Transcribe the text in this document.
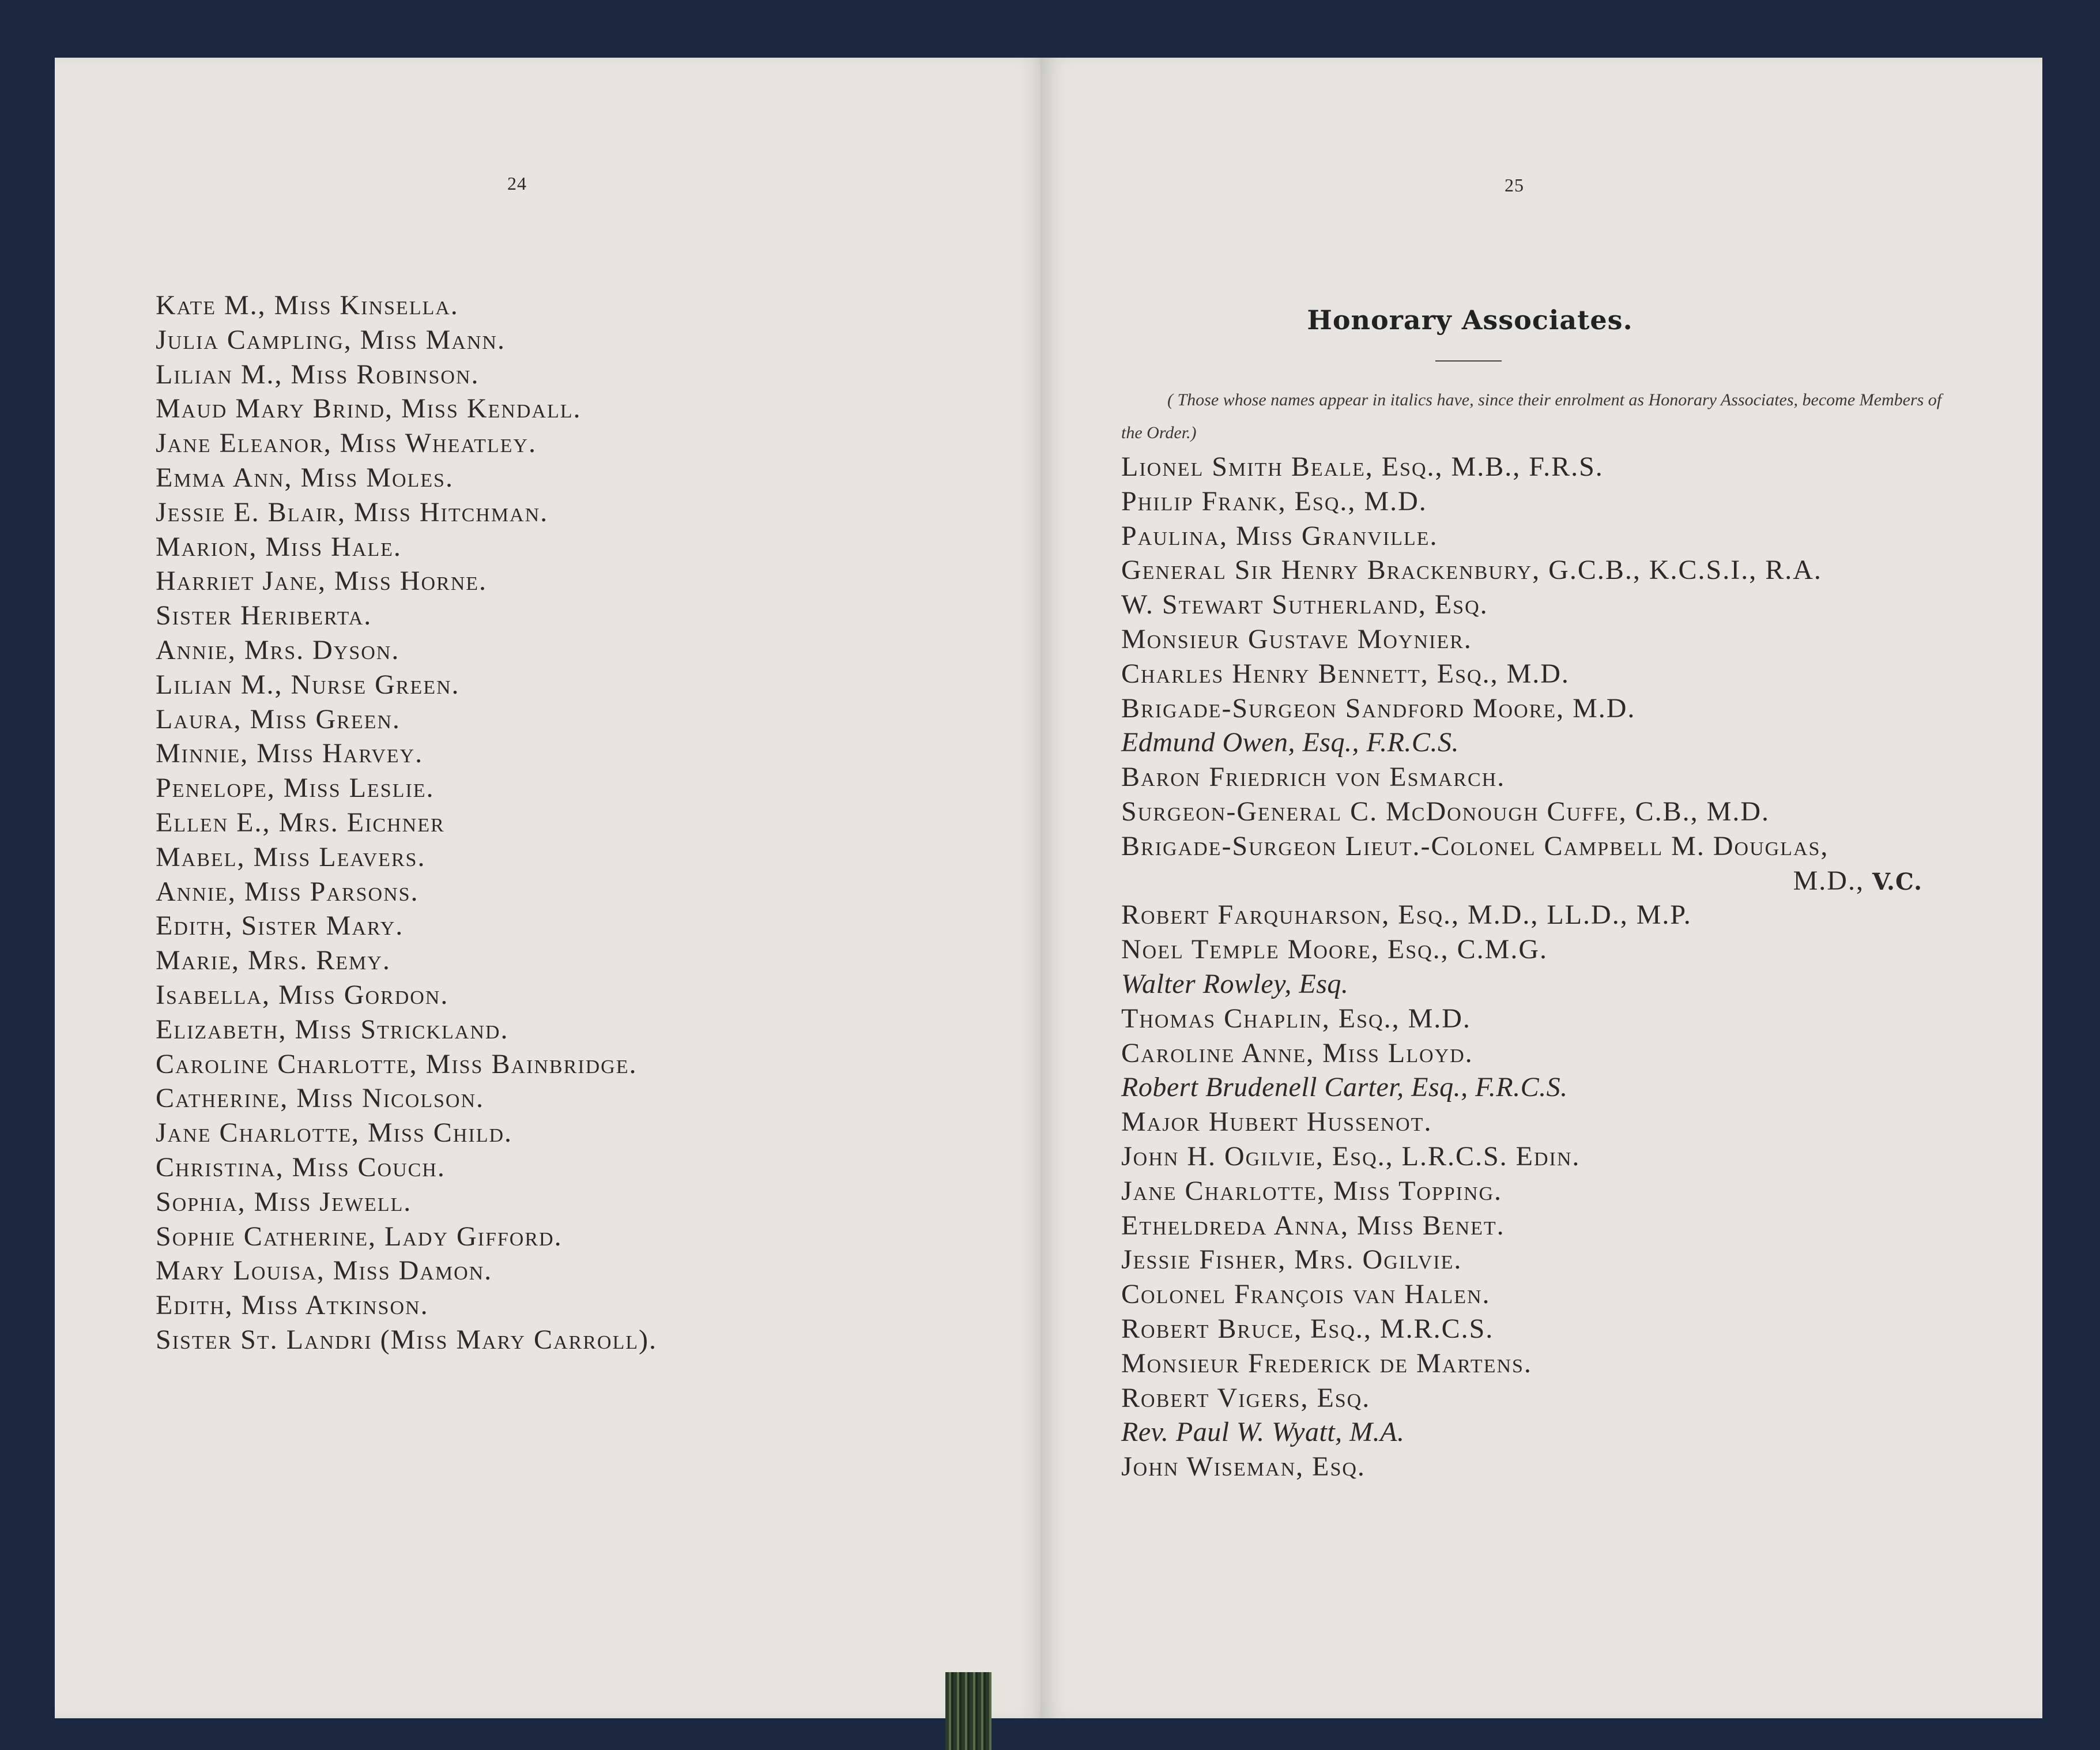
24
Kate M., Miss Kinsella.
Julia Campling, Miss Mann.
Lilian M., Miss Robinson.
Maud Mary Brind, Miss Kendall.
Jane Eleanor, Miss Wheatley.
Emma Ann, Miss Moles.
Jessie E. Blair, Miss Hitchman.
Marion, Miss Hale.
Harriet Jane, Miss Horne.
Sister Heriberta.
Annie, Mrs. Dyson.
Lilian M., Nurse Green.
Laura, Miss Green.
Minnie, Miss Harvey.
Penelope, Miss Leslie.
Ellen E., Mrs. Eichner
Mabel, Miss Leavers.
Annie, Miss Parsons.
Edith, Sister Mary.
Marie, Mrs. Remy.
Isabella, Miss Gordon.
Elizabeth, Miss Strickland.
Caroline Charlotte, Miss Bainbridge.
Catherine, Miss Nicolson.
Jane Charlotte, Miss Child.
Christina, Miss Couch.
Sophia, Miss Jewell.
Sophie Catherine, Lady Gifford.
Mary Louisa, Miss Damon.
Edith, Miss Atkinson.
Sister St. Landri (Miss Mary Carroll).
25
Honorary Associates.
( Those whose names appear in italics have, since their enrolment as Honorary Associates, become Members of the Order.)
Lionel Smith Beale, Esq., M.B., F.R.S.
Philip Frank, Esq., M.D.
Paulina, Miss Granville.
General Sir Henry Brackenbury, G.C.B., K.C.S.I., R.A.
W. Stewart Sutherland, Esq.
Monsieur Gustave Moynier.
Charles Henry Bennett, Esq., M.D.
Brigade-Surgeon Sandford Moore, M.D.
Edmund Owen, Esq., F.R.C.S.
Baron Friedrich von Esmarch.
Surgeon-General C. McDonough Cuffe, C.B., M.D.
Brigade-Surgeon Lieut.-Colonel Campbell M. Douglas,
M.D., V.C.
Robert Farquharson, Esq., M.D., LL.D., M.P.
Noel Temple Moore, Esq., C.M.G.
Walter Rowley, Esq.
Thomas Chaplin, Esq., M.D.
Caroline Anne, Miss Lloyd.
Robert Brudenell Carter, Esq., F.R.C.S.
Major Hubert Hussenot.
John H. Ogilvie, Esq., L.R.C.S. Edin.
Jane Charlotte, Miss Topping.
Etheldreda Anna, Miss Benet.
Jessie Fisher, Mrs. Ogilvie.
Colonel François van Halen.
Robert Bruce, Esq., M.R.C.S.
Monsieur Frederick de Martens.
Robert Vigers, Esq.
Rev. Paul W. Wyatt, M.A.
John Wiseman, Esq.
